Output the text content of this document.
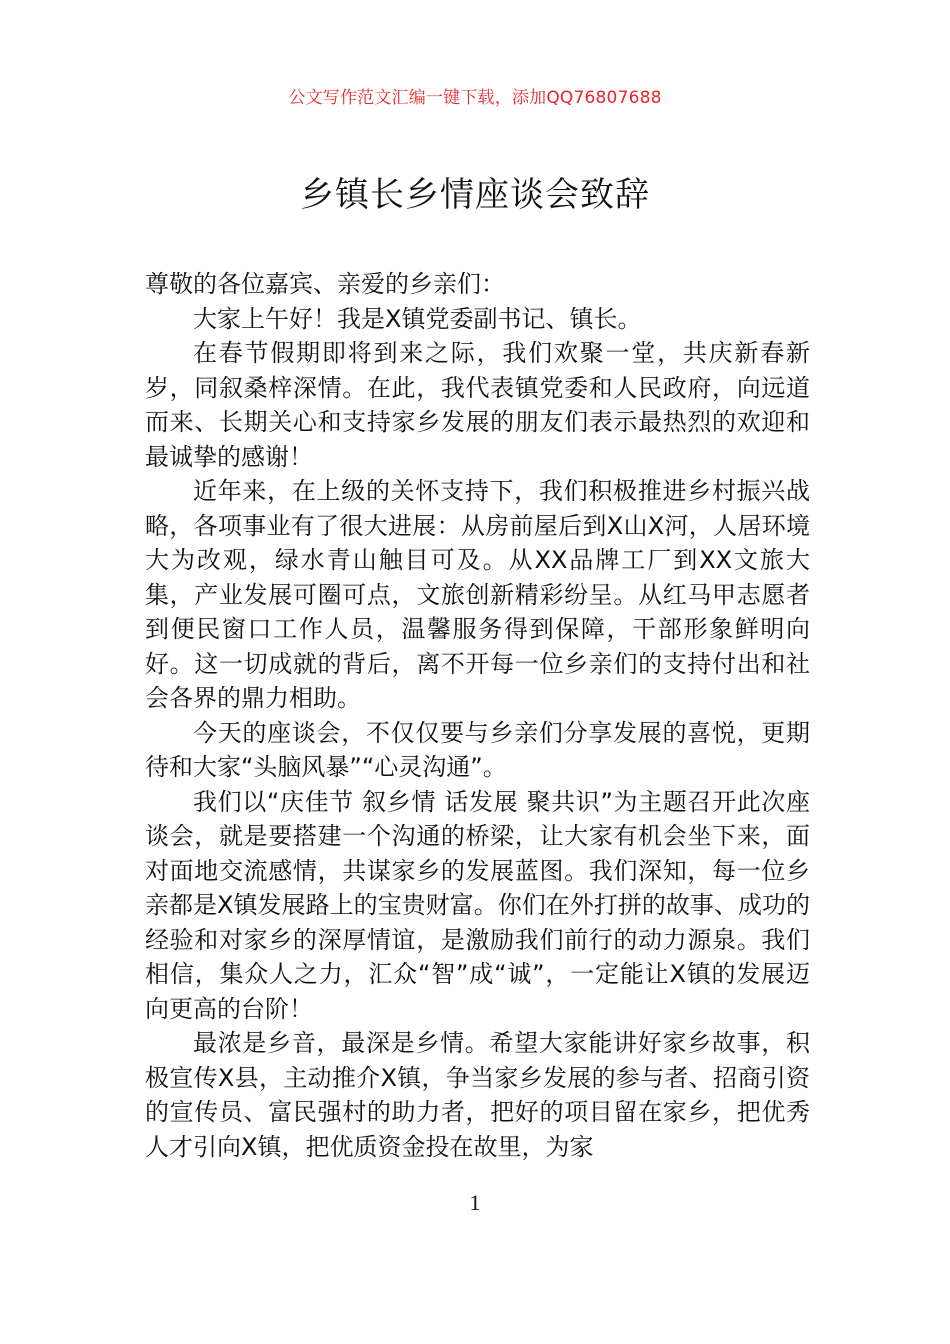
公文写作范文汇编一键下载，添加QQ76807688
乡镇长乡情座谈会致辞

尊敬的各位嘉宾、亲爱的乡亲们：

大家上午好！我是X镇党委副书记、镇长。

在春节假期即将到来之际，我们欢聚一堂，共庆新春新岁，同叙桑梓深情。在此，我代表镇党委和人民政府，向远道而来、长期关心和支持家乡发展的朋友们表示最热烈的欢迎和最诚挚的感谢！

近年来，在上级的关怀支持下，我们积极推进乡村振兴战略，各项事业有了很大进展：从房前屋后到X山X河，人居环境大为改观，绿水青山触目可及。从XX品牌工厂到XX文旅大集，产业发展可圈可点，文旅创新精彩纷呈。从红马甲志愿者到便民窗口工作人员，温馨服务得到保障，干部形象鲜明向好。这一切成就的背后，离不开每一位乡亲们的支持付出和社会各界的鼎力相助。

今天的座谈会，不仅仅要与乡亲们分享发展的喜悦，更期待和大家“头脑风暴”“心灵沟通”。

我们以“庆佳节 叙乡情 话发展 聚共识”为主题召开此次座谈会，就是要搭建一个沟通的桥梁，让大家有机会坐下来，面对面地交流感情，共谋家乡的发展蓝图。我们深知，每一位乡亲都是X镇发展路上的宝贵财富。你们在外打拼的故事、成功的经验和对家乡的深厚情谊，是激励我们前行的动力源泉。我们相信，集众人之力，汇众“智”成“诚”，一定能让X镇的发展迈向更高的台阶！

最浓是乡音，最深是乡情。希望大家能讲好家乡故事，积极宣传X县，主动推介X镇，争当家乡发展的参与者、招商引资的宣传员、富民强村的助力者，把好的项目留在家乡，把优秀人才引向X镇，把优质资金投在故里，为家

1
